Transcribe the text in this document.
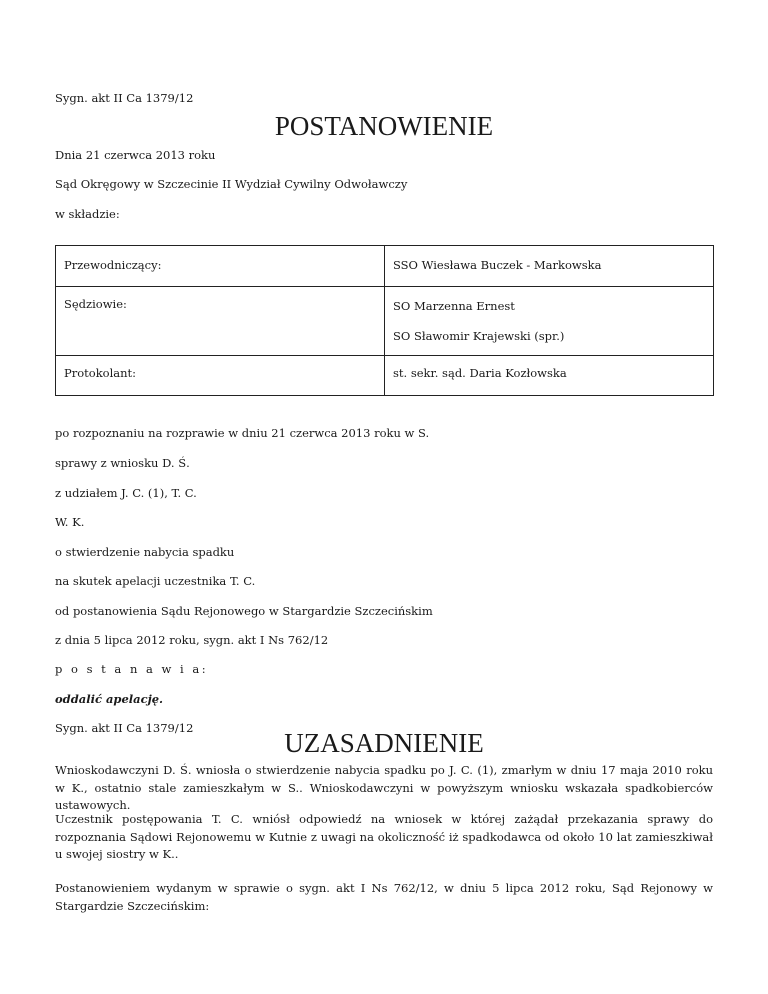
Sygn. akt II Ca 1379/12

POSTANOWIENIE

Dnia 21 czerwca 2013 roku

Sąd Okręgowy w Szczecinie II Wydział Cywilny Odwoławczy

w składzie:

Przewodniczący:	SSO Wiesława Buczek - Markowska
Sędziowie:	SO Marzenna Ernest
SO Sławomir Krajewski (spr.)

Protokolant:	st. sekr. sąd. Daria Kozłowska

po rozpoznaniu na rozprawie w dniu 21 czerwca 2013 roku w S.

sprawy z wniosku D. Ś.

z udziałem J. C. (1), T. C.

W. K.

o stwierdzenie nabycia spadku

na skutek apelacji uczestnika T. C.

od postanowienia Sądu Rejonowego w Stargardzie Szczecińskim

z dnia 5 lipca 2012 roku, sygn. akt I Ns 762/12

p o s t a n a w i a:

oddalić apelację.

Sygn. akt II Ca 1379/12	UZASADNIENIE

Wnioskodawczyni D. Ś. wniosła o stwierdzenie nabycia spadku po J. C. (1), zmarłym w dniu 17 maja 2010 roku w K., ostatnio stale zamieszkałym w S.. Wnioskodawczyni w powyższym wniosku wskazała spadkobierców ustawowych.

Uczestnik postępowania T. C. wniósł odpowiedź na wniosek w której zażądał przekazania sprawy do rozpoznania Sądowi Rejonowemu w Kutnie z uwagi na okoliczność iż spadkodawca od około 10 lat zamieszkiwał u swojej siostry w K..

Postanowieniem wydanym w sprawie o sygn. akt I Ns 762/12, w dniu 5 lipca 2012 roku, Sąd Rejonowy w Stargardzie Szczecińskim:
